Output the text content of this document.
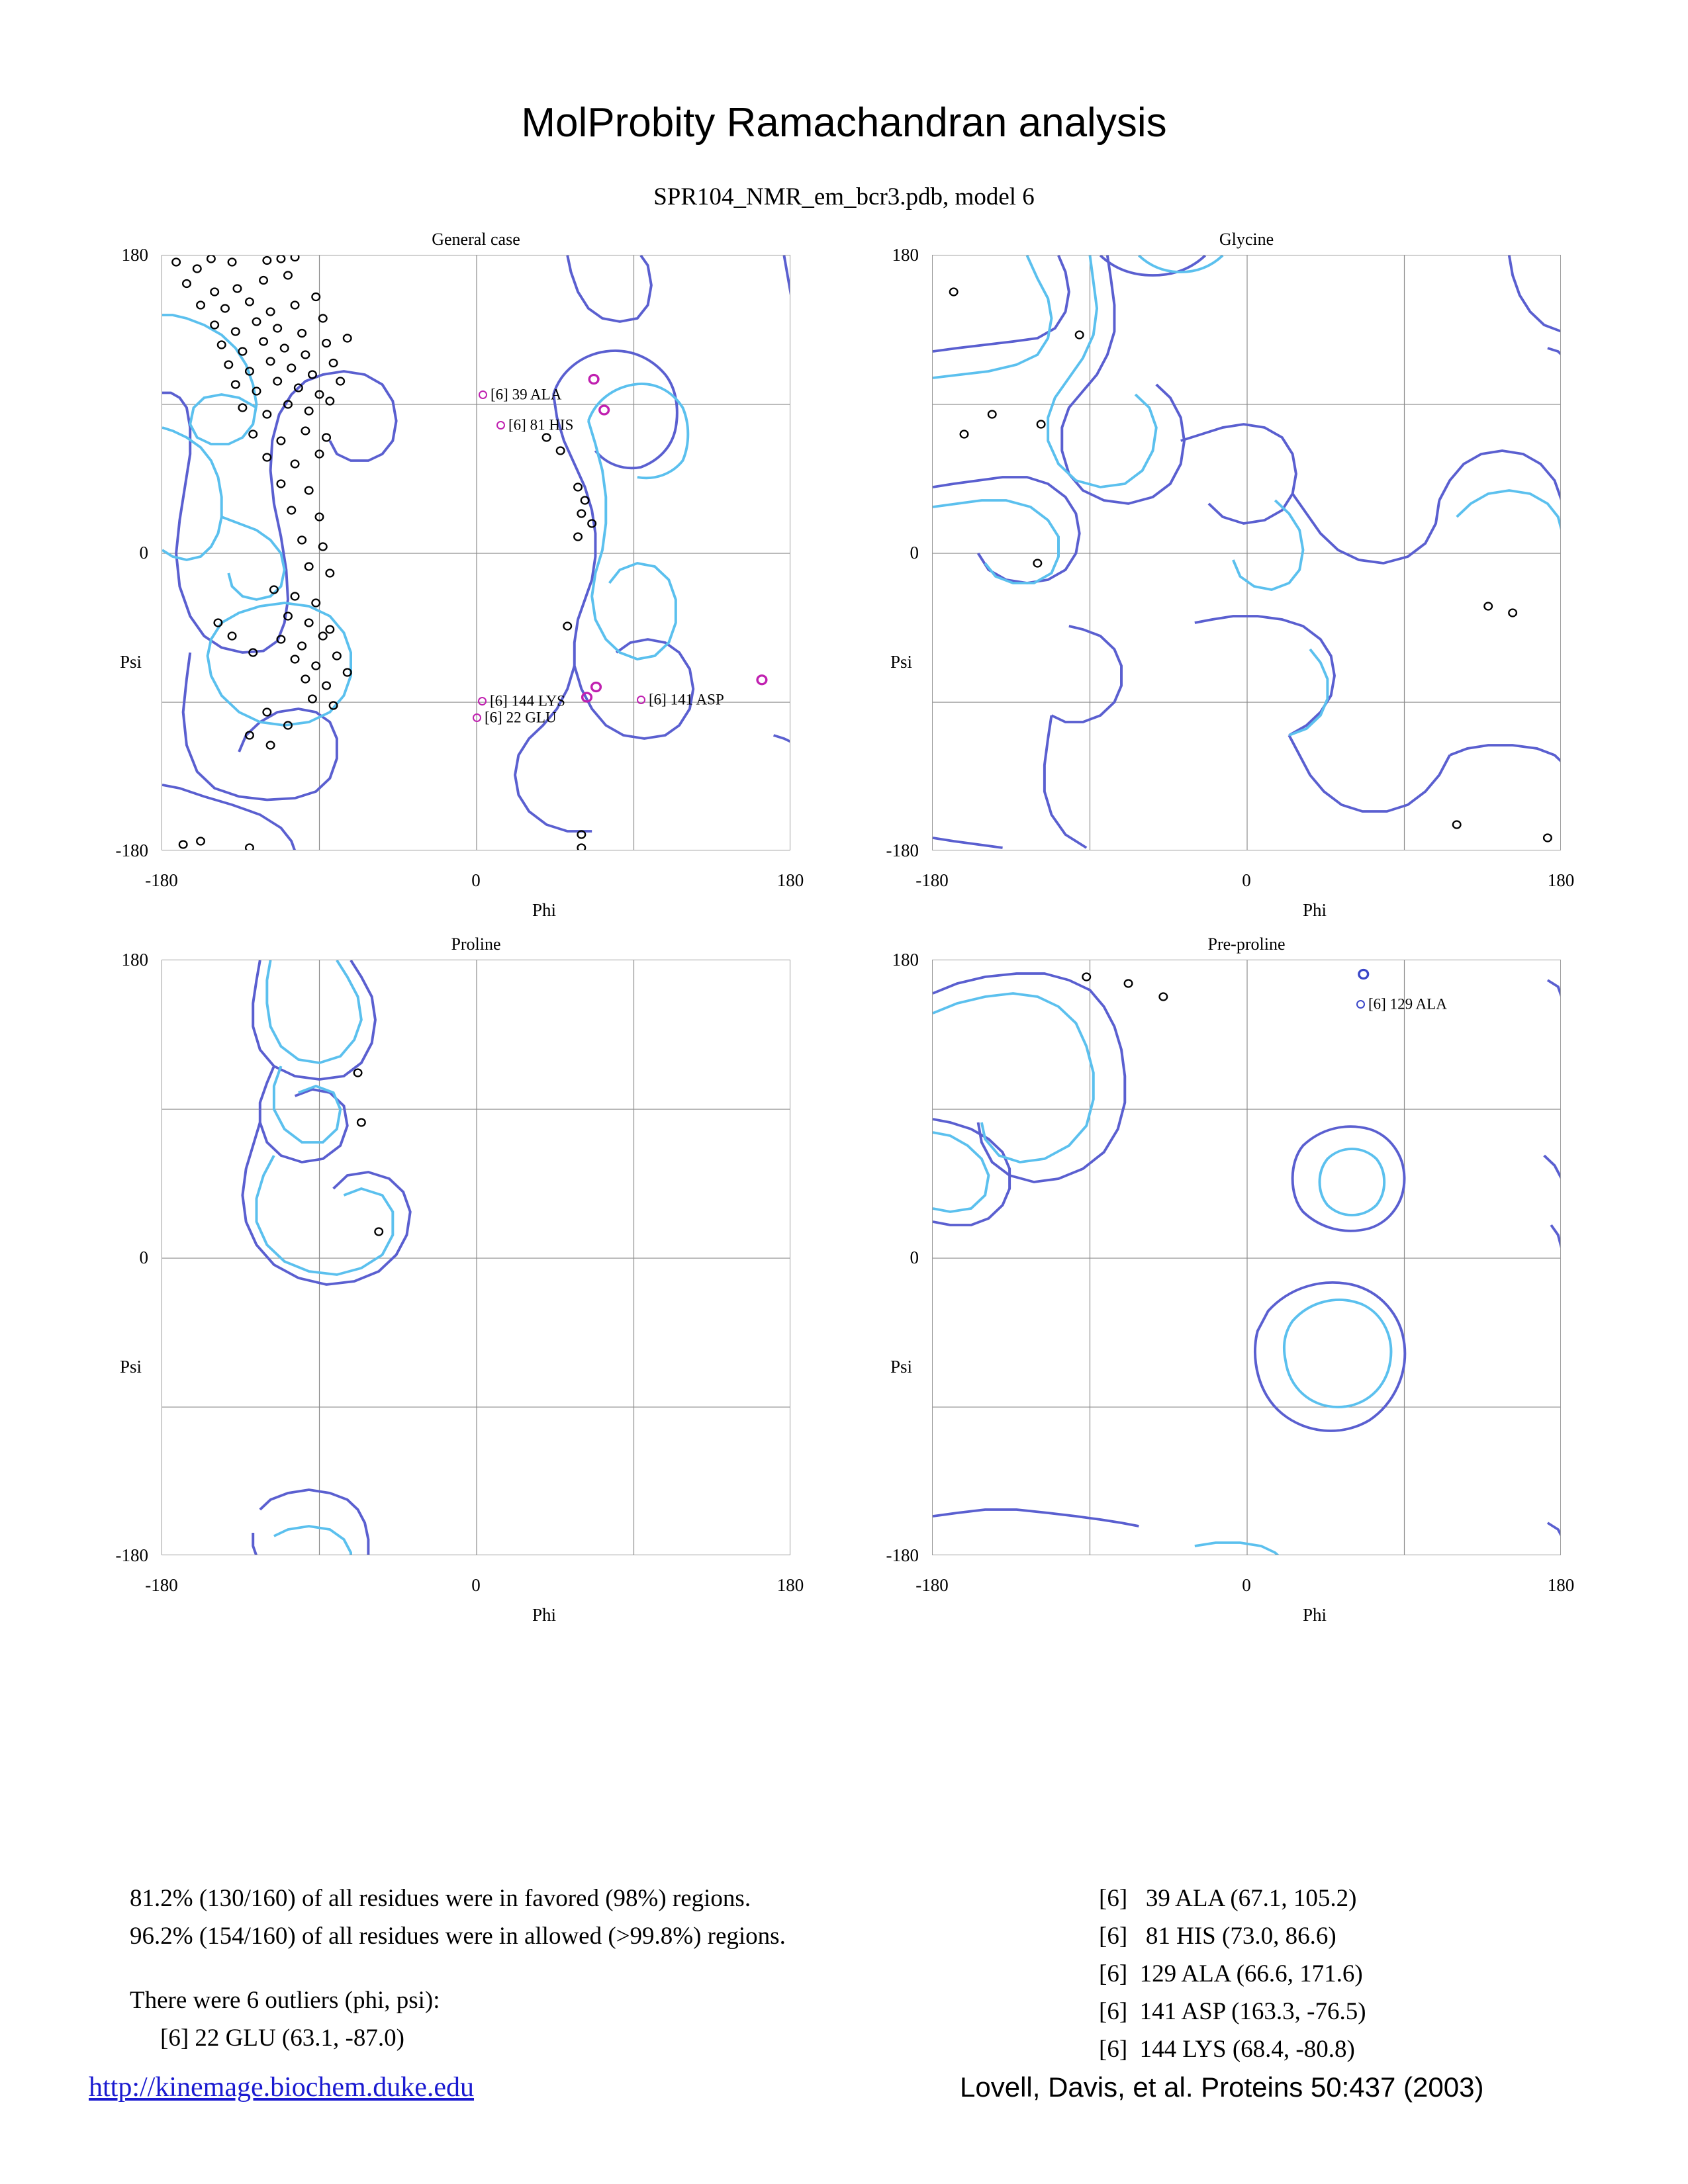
MolProbity Ramachandran analysis
SPR104_NMR_em_bcr3.pdb, model 6
General case
[6] 39 ALA
[6] 81 HIS
[6] 144 LYS
[6] 22 GLU
[6] 141 ASP
180
0
-180
Psi
-180	0	180
Phi
Glycine
180
0
-180
Psi
-180	0	180
Phi
Proline
180
0
-180
Psi
-180	0	180
Phi
Pre-proline
[6] 129 ALA
180
0
-180
Psi
-180	0	180
Phi
81.2% (130/160) of all residues were in favored (98%) regions.
96.2% (154/160) of all residues were in allowed (>99.8%) regions.
There were 6 outliers (phi, psi):
[6] 22 GLU (63.1, -87.0)
[6]   39 ALA (67.1, 105.2)
[6]   81 HIS (73.0, 86.6)
[6]  129 ALA (66.6, 171.6)
[6]  141 ASP (163.3, -76.5)
[6]  144 LYS (68.4, -80.8)
http://kinemage.biochem.duke.edu	Lovell, Davis, et al. Proteins 50:437 (2003)
